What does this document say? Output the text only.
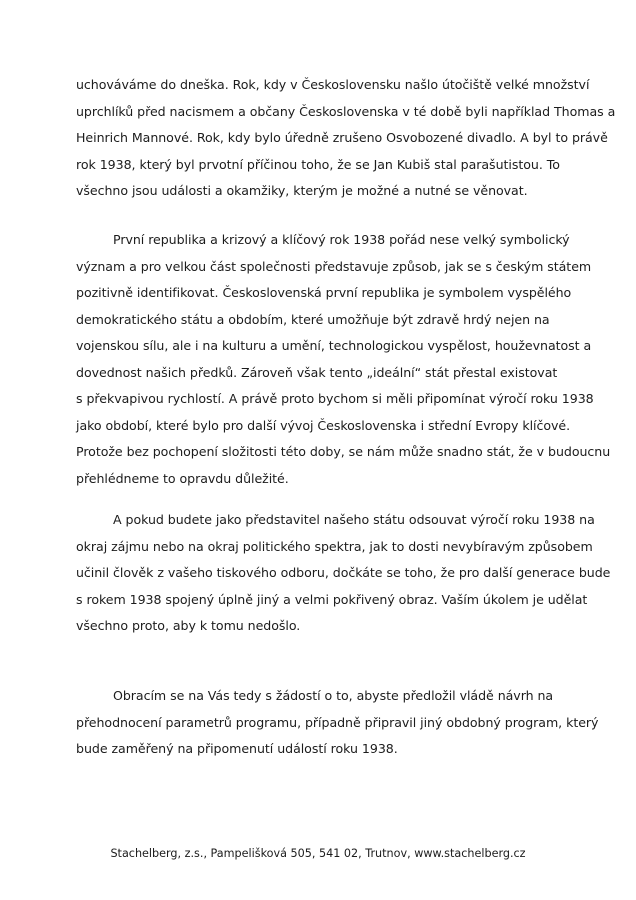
uchováváme do dneška. Rok, kdy v Československu našlo útočiště velké množství
uprchlíků před nacismem a občany Československa v té době byli například Thomas a
Heinrich Mannové. Rok, kdy bylo úředně zrušeno Osvobozené divadlo. A byl to právě
rok 1938, který byl prvotní příčinou toho, že se Jan Kubiš stal parašutistou. To
všechno jsou události a okamžiky, kterým je možné a nutné se věnovat.
První republika a krizový a klíčový rok 1938 pořád nese velký symbolický
význam a pro velkou část společnosti představuje způsob, jak se s českým státem
pozitivně identifikovat. Československá první republika je symbolem vyspělého
demokratického státu a obdobím, které umožňuje být zdravě hrdý nejen na
vojenskou sílu, ale i na kulturu a umění, technologickou vyspělost, houževnatost a
dovednost našich předků. Zároveň však tento „ideální“ stát přestal existovat
s překvapivou rychlostí. A právě proto bychom si měli připomínat výročí roku 1938
jako období, které bylo pro další vývoj Československa i střední Evropy klíčové.
Protože bez pochopení složitosti této doby, se nám může snadno stát, že v budoucnu
přehlédneme to opravdu důležité.
A pokud budete jako představitel našeho státu odsouvat výročí roku 1938 na
okraj zájmu nebo na okraj politického spektra, jak to dosti nevybíravým způsobem
učinil člověk z vašeho tiskového odboru, dočkáte se toho, že pro další generace bude
s rokem 1938 spojený úplně jiný a velmi pokřivený obraz. Vaším úkolem je udělat
všechno proto, aby k tomu nedošlo.
Obracím se na Vás tedy s žádostí o to, abyste předložil vládě návrh na
přehodnocení parametrů programu, případně připravil jiný obdobný program, který
bude zaměřený na připomenutí událostí roku 1938.
Stachelberg, z.s., Pampelišková 505, 541 02, Trutnov, www.stachelberg.cz
